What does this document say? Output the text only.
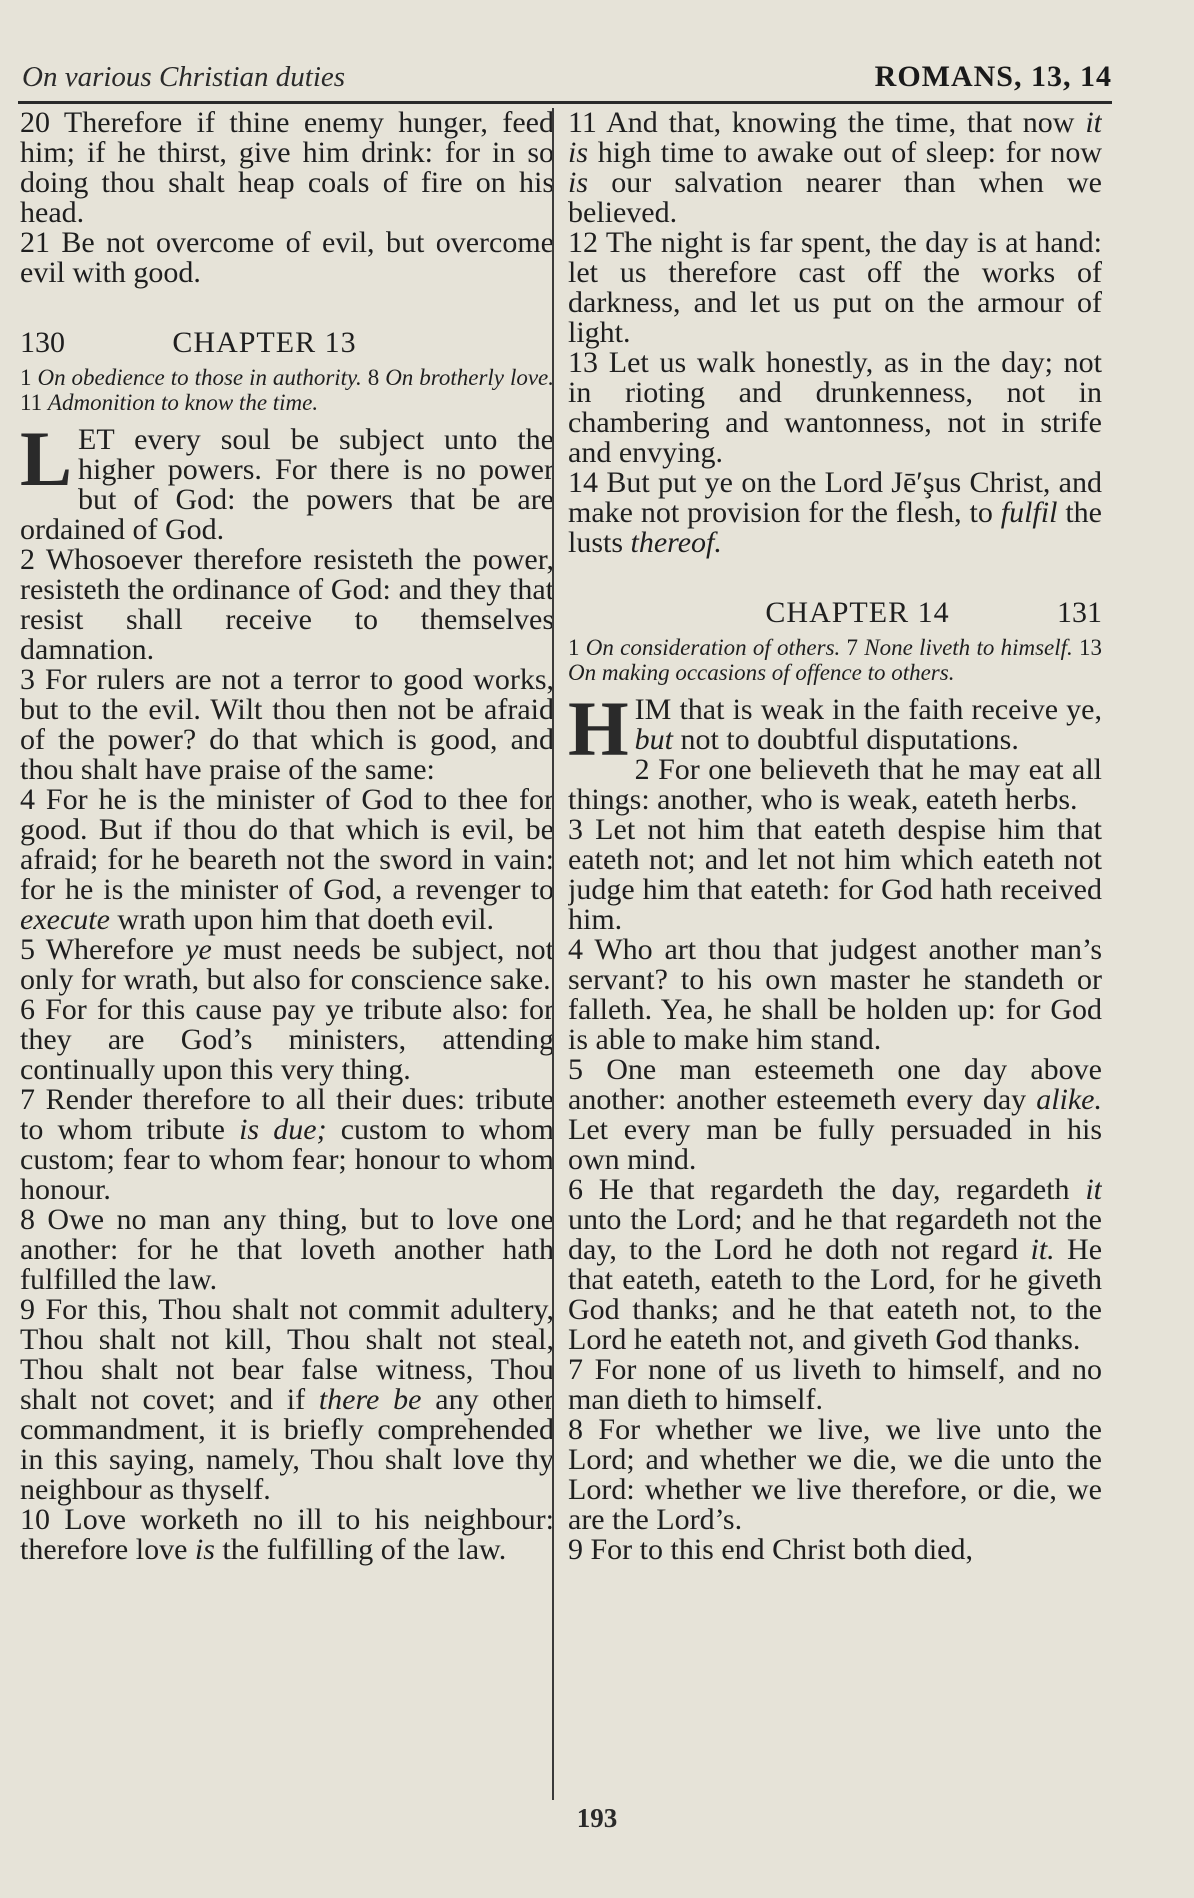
On various Christian duties	ROMANS, 13, 14

20 Therefore if thine enemy hunger, feed him; if he thirst, give him drink: for in so doing thou shalt heap coals of fire on his head.

21 Be not overcome of evil, but overcome evil with good.

130	CHAPTER 13

1 On obedience to those in authority. 8 On brotherly love. 11 Admonition to know the time.

LET every soul be subject unto the higher powers. For there is no power but of God: the powers that be are ordained of God.

2 Whosoever therefore resisteth the power, resisteth the ordinance of God: and they that resist shall receive to themselves damnation.

3 For rulers are not a terror to good works, but to the evil. Wilt thou then not be afraid of the power? do that which is good, and thou shalt have praise of the same:

4 For he is the minister of God to thee for good. But if thou do that which is evil, be afraid; for he beareth not the sword in vain: for he is the minister of God, a revenger to execute wrath upon him that doeth evil.

5 Wherefore ye must needs be subject, not only for wrath, but also for conscience sake.

6 For for this cause pay ye tribute also: for they are God’s ministers, attending continually upon this very thing.

7 Render therefore to all their dues: tribute to whom tribute is due; custom to whom custom; fear to whom fear; honour to whom honour.

8 Owe no man any thing, but to love one another: for he that loveth another hath fulfilled the law.

9 For this, Thou shalt not commit adultery, Thou shalt not kill, Thou shalt not steal, Thou shalt not bear false witness, Thou shalt not covet; and if there be any other commandment, it is briefly comprehended in this saying, namely, Thou shalt love thy neighbour as thyself.

10 Love worketh no ill to his neighbour: therefore love is the fulfilling of the law.

11 And that, knowing the time, that now it is high time to awake out of sleep: for now is our salvation nearer than when we believed.

12 The night is far spent, the day is at hand: let us therefore cast off the works of darkness, and let us put on the armour of light.

13 Let us walk honestly, as in the day; not in rioting and drunkenness, not in chambering and wantonness, not in strife and envying.

14 But put ye on the Lord Jē′şus Christ, and make not provision for the flesh, to fulfil the lusts thereof.

CHAPTER 14	131

1 On consideration of others. 7 None liveth to himself. 13 On making occasions of offence to others.

HIM that is weak in the faith receive ye, but not to doubtful disputations.

2 For one believeth that he may eat all things: another, who is weak, eateth herbs.

3 Let not him that eateth despise him that eateth not; and let not him which eateth not judge him that eateth: for God hath received him.

4 Who art thou that judgest another man’s servant? to his own master he standeth or falleth. Yea, he shall be holden up: for God is able to make him stand.

5 One man esteemeth one day above another: another esteemeth every day alike. Let every man be fully persuaded in his own mind.

6 He that regardeth the day, regardeth it unto the Lord; and he that regardeth not the day, to the Lord he doth not regard it. He that eateth, eateth to the Lord, for he giveth God thanks; and he that eateth not, to the Lord he eateth not, and giveth God thanks.

7 For none of us liveth to himself, and no man dieth to himself.

8 For whether we live, we live unto the Lord; and whether we die, we die unto the Lord: whether we live therefore, or die, we are the Lord’s.

9 For to this end Christ both died,

193
